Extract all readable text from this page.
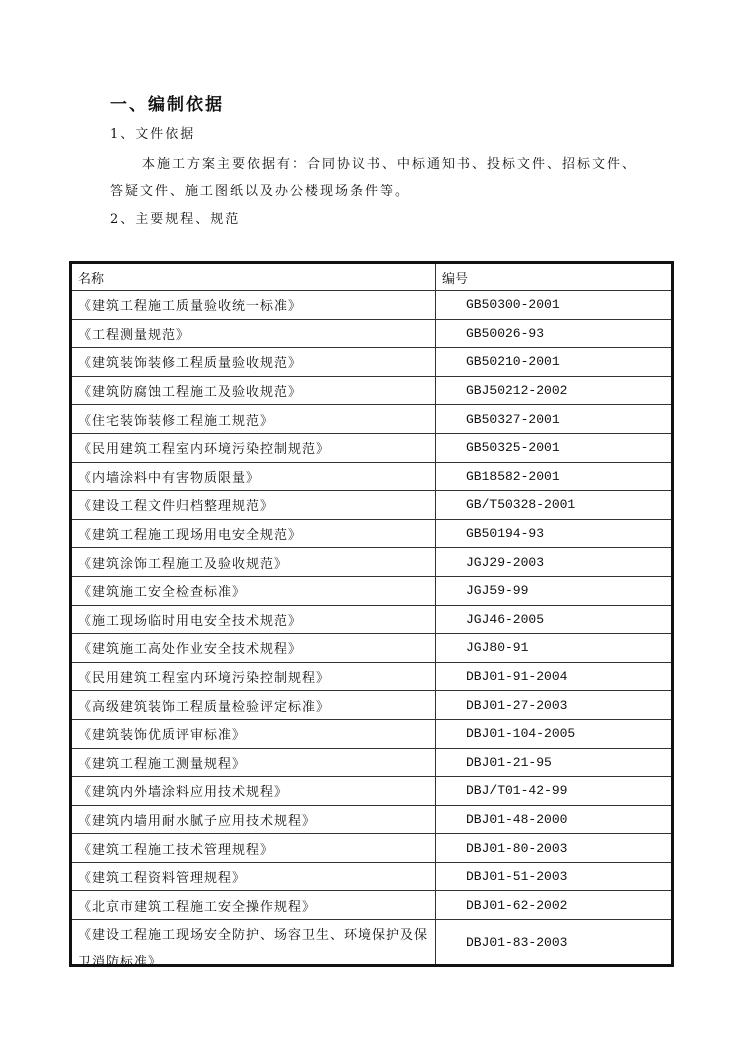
一、编制依据
1、文件依据
本施工方案主要依据有：合同协议书、中标通知书、投标文件、招标文件、
答疑文件、施工图纸以及办公楼现场条件等。
2、主要规程、规范
名称	编号

《建筑工程施工质量验收统一标准》	GB50300-2001

《工程测量规范》	GB50026-93

《建筑装饰装修工程质量验收规范》	GB50210-2001

《建筑防腐蚀工程施工及验收规范》	GBJ50212-2002

《住宅装饰装修工程施工规范》	GB50327-2001

《民用建筑工程室内环境污染控制规范》	GB50325-2001

《内墙涂料中有害物质限量》	GB18582-2001

《建设工程文件归档整理规范》	GB/T50328-2001

《建筑工程施工现场用电安全规范》	GB50194-93

《建筑涂饰工程施工及验收规范》	JGJ29-2003

《建筑施工安全检查标准》	JGJ59-99

《施工现场临时用电安全技术规范》	JGJ46-2005

《建筑施工高处作业安全技术规程》	JGJ80-91

《民用建筑工程室内环境污染控制规程》	DBJ01-91-2004

《高级建筑装饰工程质量检验评定标准》	DBJ01-27-2003

《建筑装饰优质评审标准》	DBJ01-104-2005

《建筑工程施工测量规程》	DBJ01-21-95

《建筑内外墙涂料应用技术规程》	DBJ/T01-42-99

《建筑内墙用耐水腻子应用技术规程》	DBJ01-48-2000

《建筑工程施工技术管理规程》	DBJ01-80-2003

《建筑工程资料管理规程》	DBJ01-51-2003

《北京市建筑工程施工安全操作规程》	DBJ01-62-2002

《建设工程施工现场安全防护、场容卫生、环境保护及保卫消防标准》	DBJ01-83-2003
